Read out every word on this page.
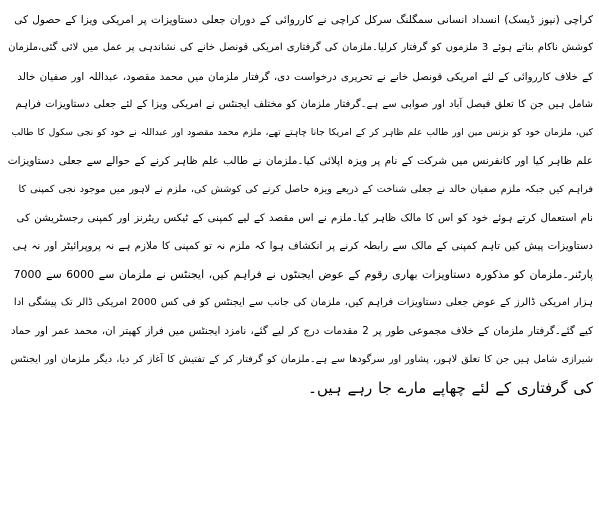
کراچی (نیوز ڈیسک) انسداد انسانی سمگلنگ سرکل کراچی نے کارروائی کے دوران جعلی دستاویزات پر امریکی ویزا کے حصول کی
کوشش ناکام بناتے ہوئے 3 ملزموں کو گرفتار کرلیا۔ملزمان کی گرفتاری امریکی قونصل خانے کی نشاندہی پر عمل میں لائی گئی،ملزمان
کے خلاف کارروائی کے لئے امریکی قونصل خانے نے تحریری درخواست دی، گرفتار ملزمان میں محمد مقصود، عبداللہ اور صفیان خالد
شامل ہیں جن کا تعلق فیصل آباد اور صوابی سے ہے۔گرفتار ملزمان کو مختلف ایجنٹس نے امریکی ویزا کے لئے جعلی دستاویزات فراہم
کیں، ملزمان خود کو بزنس مین اور طالب علم ظاہر کر کے امریکا جانا چاہتے تھے، ملزم محمد مقصود اور عبداللہ نے خود کو نجی سکول کا طالب
علم ظاہر کیا اور کانفرنس میں شرکت کے نام پر ویزہ اپلائی کیا۔ملزمان نے طالب علم ظاہر کرنے کے حوالے سے جعلی دستاویزات
فراہم کیں جبکہ ملزم صفیان خالد نے جعلی شناخت کے ذریعے ویزہ حاصل کرنے کی کوشش کی، ملزم نے لاہور میں موجود نجی کمپنی کا
نام استعمال کرتے ہوئے خود کو اس کا مالک ظاہر کیا۔ملزم نے اس مقصد کے لیے کمپنی کے ٹیکس ریٹرنز اور کمپنی رجسٹریشن کی
دستاویزات پیش کیں تاہم کمپنی کے مالک سے رابطہ کرنے پر انکشاف ہوا کہ ملزم نہ تو کمپنی کا ملازم ہے نہ پروپرائیٹر اور نہ ہی
پارٹنر۔ملزمان کو مذکورہ دستاویزات بھاری رقوم کے عوض ایجنٹوں نے فراہم کیں، ایجنٹس نے ملزمان سے 6000 سے 7000
ہزار امریکی ڈالرز کے عوض جعلی دستاویزات فراہم کیں، ملزمان کی جانب سے ایجنٹس کو فی کس 2000 امریکی ڈالر تک پیشگی ادا
کیے گئے۔گرفتار ملزمان کے خلاف مجموعی طور پر 2 مقدمات درج کر لیے گئے، نامزد ایجنٹس میں فراز کھیتر ان، محمد عمر اور حماد
شیرازی شامل ہیں جن کا تعلق لاہور، پشاور اور سرگودھا سے ہے۔ملزمان کو گرفتار کر کے تفتیش کا آغاز کر دیا، دیگر ملزمان اور ایجنٹس
کی گرفتاری کے لئے چھاپے مارے جا رہے ہیں۔
